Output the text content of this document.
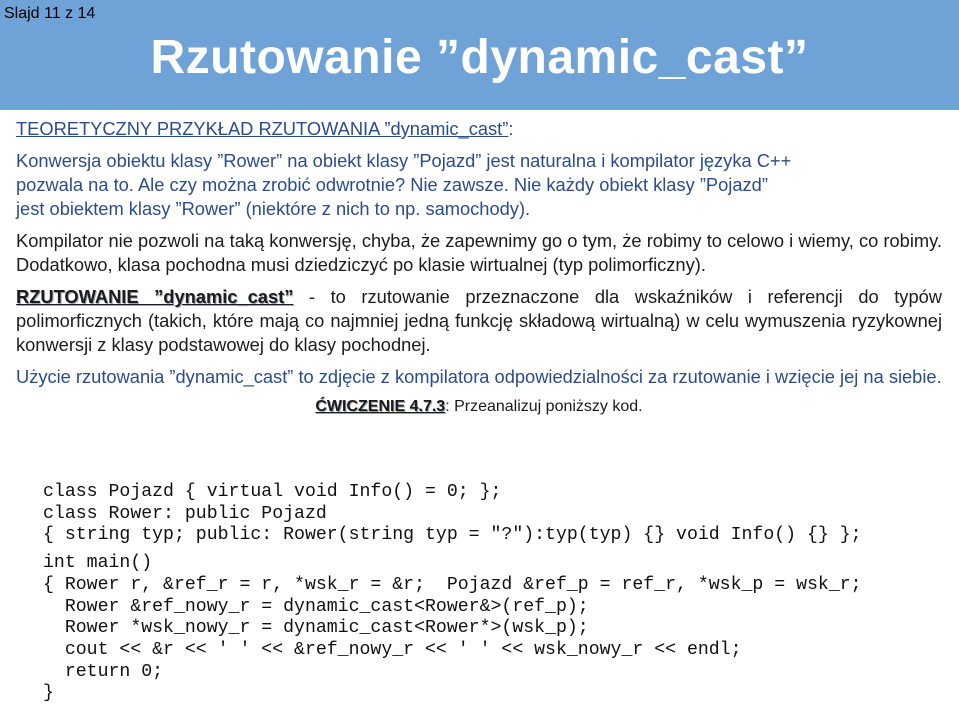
Slajd 11 z 14
Rzutowanie ”dynamic_cast”
TEORETYCZNY PRZYKŁAD RZUTOWANIA ”dynamic_cast”:
Konwersja obiektu klasy ”Rower” na obiekt klasy ”Pojazd” jest naturalna i kompilator języka C++
pozwala na to. Ale czy można zrobić odwrotnie? Nie zawsze. Nie każdy obiekt klasy ”Pojazd”
jest obiektem klasy ”Rower” (niektóre z nich to np. samochody).
Kompilator nie pozwoli na taką konwersję, chyba, że zapewnimy go o tym, że robimy to celowo i wiemy, co robimy. Dodatkowo, klasa pochodna musi dziedziczyć po klasie wirtualnej (typ polimorficzny).
RZUTOWANIE ”dynamic_cast” - to rzutowanie przeznaczone dla wskaźników i referencji do typów polimorficznych (takich, które mają co najmniej jedną funkcję składową wirtualną) w celu wymuszenia ryzykownej konwersji z klasy podstawowej do klasy pochodnej.
Użycie rzutowania ”dynamic_cast” to zdjęcie z kompilatora odpowiedzialności za rzutowanie i wzięcie jej na siebie.
ĆWICZENIE 4.7.3: Przeanalizuj poniższy kod.
class Pojazd { virtual void Info() = 0; };
class Rower: public Pojazd
{ string typ; public: Rower(string typ = "?"):typ(typ) {} void Info() {} };
int main()
{ Rower r, &ref_r = r, *wsk_r = &r;  Pojazd &ref_p = ref_r, *wsk_p = wsk_r;
Rower &ref_nowy_r = dynamic_cast<Rower&>(ref_p);
Rower *wsk_nowy_r = dynamic_cast<Rower*>(wsk_p);
cout << &r << ' ' << &ref_nowy_r << ' ' << wsk_nowy_r << endl;
return 0;
}
